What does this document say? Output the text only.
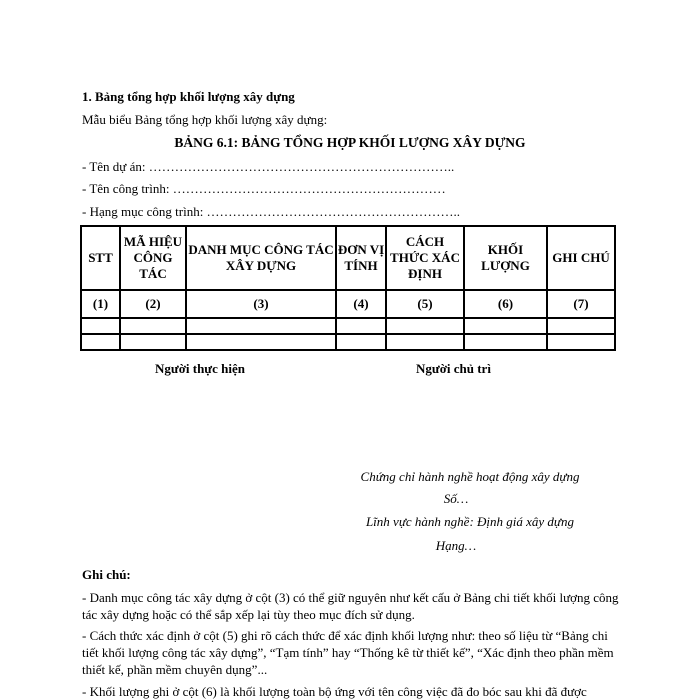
1. Bảng tổng hợp khối lượng xây dựng
Mẫu biểu Bảng tổng hợp khối lượng xây dựng:
BẢNG 6.1: BẢNG TỔNG HỢP KHỐI LƯỢNG XÂY DỰNG
- Tên dự án: ……………………………………………………………..
- Tên công trình: ………………………………………………………
- Hạng mục công trình: …………………………………………………..
STT	MÃ HIỆU CÔNG TÁC	DANH MỤC CÔNG TÁC XÂY DỰNG	ĐƠN VỊ TÍNH	CÁCH THỨC XÁC ĐỊNH	KHỐI LƯỢNG	GHI CHÚ
(1)	(2)	(3)	(4)	(5)	(6)	(7)

Người thực hiện	Người chủ trì
Chứng chỉ hành nghề hoạt động xây dựng
Số…
Lĩnh vực hành nghề: Định giá xây dựng
Hạng…
Ghi chú:
- Danh mục công tác xây dựng ở cột (3) có thể giữ nguyên như kết cấu ở Bảng chi tiết khối lượng công tác xây dựng hoặc có thể sắp xếp lại tùy theo mục đích sử dụng.
- Cách thức xác định ở cột (5) ghi rõ cách thức để xác định khối lượng như: theo số liệu từ “Bảng chi tiết khối lượng công tác xây dựng”, “Tạm tính” hay “Thống kê từ thiết kế”, “Xác định theo phần mềm thiết kế, phần mềm chuyên dụng”...
- Khối lượng ghi ở cột (6) là khối lượng toàn bộ ứng với tên công việc đã đo bóc sau khi đã được
